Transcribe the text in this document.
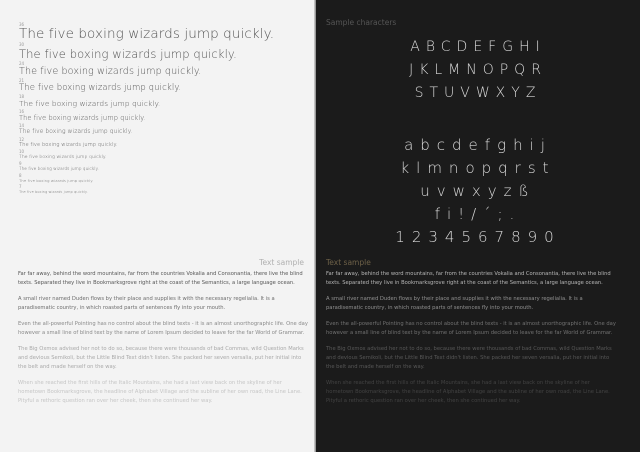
36
The five boxing wizards jump quickly.
30
The five boxing wizards jump quickly.
24
The five boxing wizards jump quickly.
21
The five boxing wizards jump quickly.
18
The five boxing wizards jump quickly.
16
The five boxing wizards jump quickly.
14
The five boxing wizards jump quickly.
12
The five boxing wizards jump quickly.
10
The five boxing wizards jump quickly.
9
The five boxing wizards jump quickly.
8
The five boxing wizards jump quickly.
7
The five boxing wizards jump quickly.
Text sample

Far far away, behind the word mountains, far from the countries Vokalia and Consonantia, there live the blind texts. Separated they live in Bookmarksgrove right at the coast of the Semantics, a large language ocean.

A small river named Duden flows by their place and supplies it with the necessary regelialia. It is a paradisematic country, in which roasted parts of sentences fly into your mouth.

Even the all-powerful Pointing has no control about the blind texts - it is an almost unorthographic life. One day however a small line of blind text by the name of Lorem Ipsum decided to leave for the far World of Grammar.

The Big Oxmox advised her not to do so, because there were thousands of bad Commas, wild Question Marks and devious Semikoli, but the Little Blind Text didn't listen. She packed her seven versalia, put her initial into the belt and made herself on the way.

When she reached the first hills of the Italic Mountains, she had a last view back on the skyline of her hometown Bookmarksgrove, the headline of Alphabet Village and the subline of her own road, the Line Lane. Pityful a rethoric question ran over her cheek, then she continued her way.

Sample characters
ABCDEFGHI
JKLMNOPQR
STUVWXYZ
abcdefghij
klmnopqrst
uvwxyzß
fi!/´;.
1234567890
Text sample

Far far away, behind the word mountains, far from the countries Vokalia and Consonantia, there live the blind texts. Separated they live in Bookmarksgrove right at the coast of the Semantics, a large language ocean.

A small river named Duden flows by their place and supplies it with the necessary regelialia. It is a paradisematic country, in which roasted parts of sentences fly into your mouth.

Even the all-powerful Pointing has no control about the blind texts - it is an almost unorthographic life. One day however a small line of blind text by the name of Lorem Ipsum decided to leave for the far World of Grammar.

The Big Oxmox advised her not to do so, because there were thousands of bad Commas, wild Question Marks and devious Semikoli, but the Little Blind Text didn't listen. She packed her seven versalia, put her initial into the belt and made herself on the way.

When she reached the first hills of the Italic Mountains, she had a last view back on the skyline of her hometown Bookmarksgrove, the headline of Alphabet Village and the subline of her own road, the Line Lane. Pityful a rethoric question ran over her cheek, then she continued her way.
